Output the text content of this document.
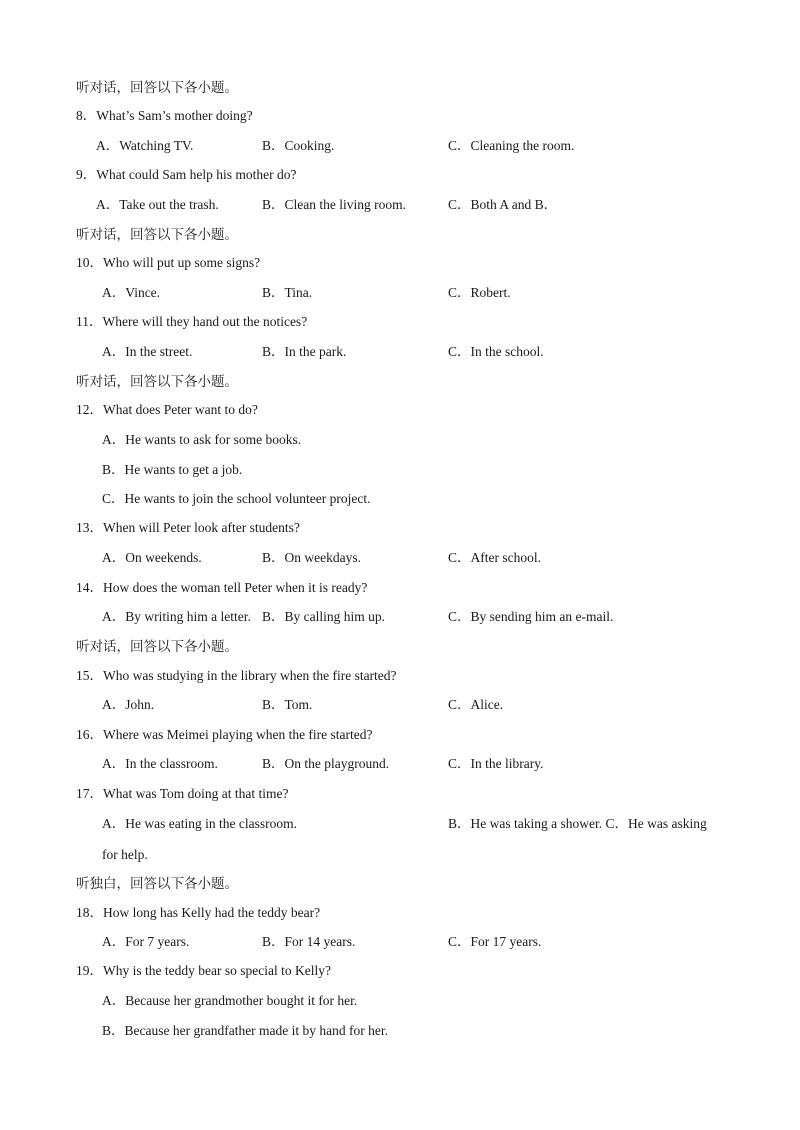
听对话，回答以下各小题。
8．What’s Sam’s mother doing?
A．Watching TV.	B．Cooking.	C．Cleaning the room.
9．What could Sam help his mother do?
A．Take out the trash.	B．Clean the living room.	C．Both A and B．
听对话，回答以下各小题。
10．Who will put up some signs?
A．Vince.	B．Tina.	C．Robert.
11．Where will they hand out the notices?
A．In the street.	B．In the park.	C．In the school.
听对话，回答以下各小题。
12．What does Peter want to do?
A．He wants to ask for some books.
B．He wants to get a job.
C．He wants to join the school volunteer project.
13．When will Peter look after students?
A．On weekends.	B．On weekdays.	C．After school.
14．How does the woman tell Peter when it is ready?
A．By writing him a letter. B．By calling him up.	C．By sending him an e-mail.
听对话，回答以下各小题。
15．Who was studying in the library when the fire started?
A．John.	B．Tom.	C．Alice.
16．Where was Meimei playing when the fire started?
A．In the classroom.	B．On the playground.	C．In the library.
17．What was Tom doing at that time?
A．He was eating in the classroom.	B．He was taking a shower. C．He was asking
for help.
听独白，回答以下各小题。
18．How long has Kelly had the teddy bear?
A．For 7 years.	B．For 14 years.	C．For 17 years.
19．Why is the teddy bear so special to Kelly?
A．Because her grandmother bought it for her.
B．Because her grandfather made it by hand for her.
